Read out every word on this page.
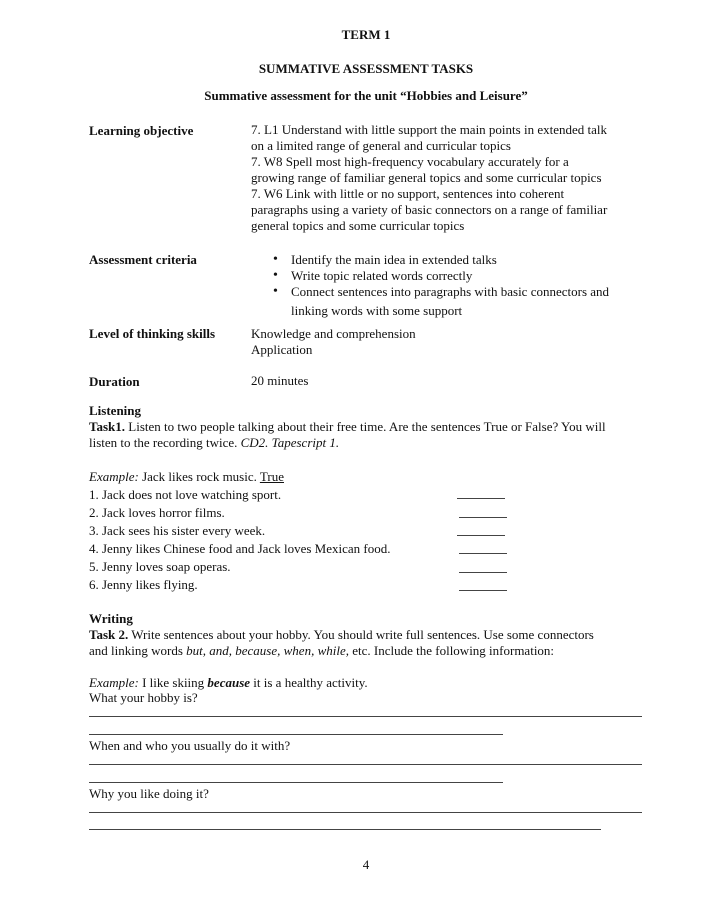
TERM 1
SUMMATIVE ASSESSMENT TASKS
Summative assessment for the unit “Hobbies and Leisure”
Learning objective	7. L1 Understand with little support the main points in extended talk
on a limited range of general and curricular topics
7. W8 Spell most high-frequency vocabulary accurately for a
growing range of familiar general topics and some curricular topics
7. W6 Link with little or no support, sentences into coherent
paragraphs using a variety of basic connectors on a range of familiar
general topics and some curricular topics
Assessment criteria
•	Identify the main idea in extended talks
• Write topic related words correctly
• Connect sentences into paragraphs with basic connectors and
linking words with some support
Level of thinking skills	Knowledge and comprehension
Application
Duration	20 minutes
Listening
Task1. Listen to two people talking about their free time. Are the sentences True or False? You will
listen to the recording twice. CD2. Tapescript 1.
Example: Jack likes rock music. True
1. Jack does not love watching sport.
2. Jack loves horror films.
3. Jack sees his sister every week.
4. Jenny likes Chinese food and Jack loves Mexican food.
5. Jenny loves soap operas.
6. Jenny likes flying.
Writing
Task 2. Write sentences about your hobby. You should write full sentences. Use some connectors
and linking words but, and, because, when, while, etc. Include the following information:
Example: I like skiing because it is a healthy activity.
What your hobby is?
When and who you usually do it with?
Why you like doing it?
4
